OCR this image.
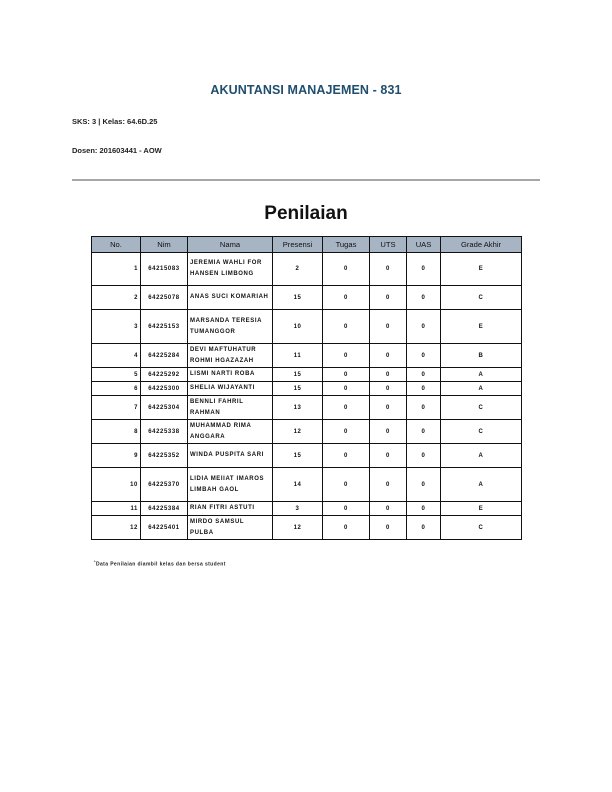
AKUNTANSI MANAJEMEN - 831
SKS: 3 | Kelas: 64.6D.25
Dosen: 201603441 - AOW
Penilaian
No.	Nim	Nama	Presensi	Tugas	UTS	UAS	Grade Akhir
1	64215083	JEREMIA WAHLI FOR HANSEN LIMBONG	2	0	0	0	E
2	64225078	ANAS SUCI KOMARIAH	15	0	0	0	C
3	64225153	MARSANDA TERESIA TUMANGGOR	10	0	0	0	E
4	64225284	DEVI MAFTUHATUR ROHMI HGAZAZAH	11	0	0	0	B
5	64225292	LISMI NARTI ROBA	15	0	0	0	A
6	64225300	SHELIA WIJAYANTI	15	0	0	0	A
7	64225304	BENNLI FAHRIL RAHMAN	13	0	0	0	C
8	64225338	MUHAMMAD RIMA ANGGARA	12	0	0	0	C
9	64225352	WINDA PUSPITA SARI	15	0	0	0	A
10	64225370	LIDIA MEIIAT IMAROS LIMBAH GAOL	14	0	0	0	A
11	64225384	RIAN FITRI ASTUTI	3	0	0	0	E
12	64225401	MIRDO SAMSUL PULBA	12	0	0	0	C
*Data Penilaian diambil kelas dan bersa student
